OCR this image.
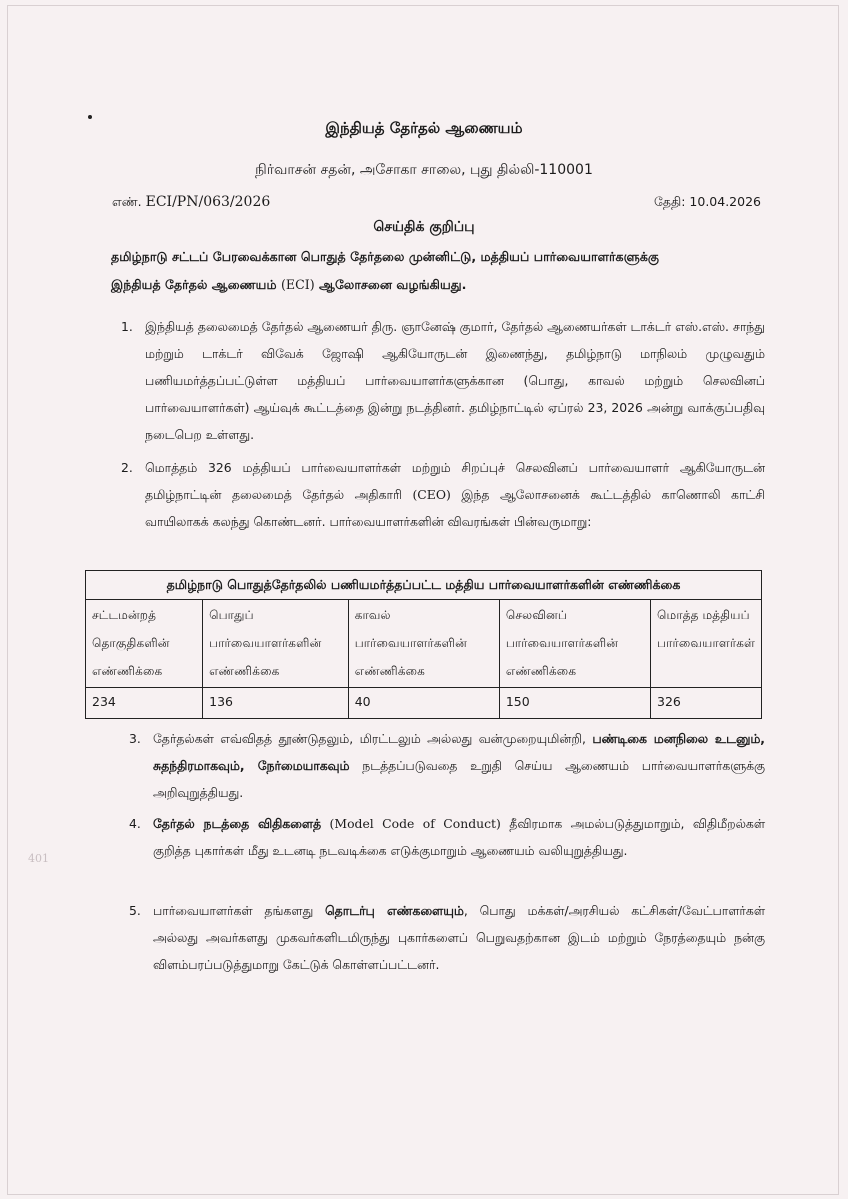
இந்தியத் தேர்தல் ஆணையம்
நிர்வாசன் சதன், அசோகா சாலை, புது தில்லி-110001
எண். ECI/PN/063/2026	தேதி: 10.04.2026
செய்திக் குறிப்பு
தமிழ்நாடு சட்டப் பேரவைக்கான பொதுத் தேர்தலை முன்னிட்டு, மத்தியப் பார்வையாளர்களுக்கு
இந்தியத் தேர்தல் ஆணையம் (ECI) ஆலோசனை வழங்கியது.
1. இந்தியத் தலைமைத் தேர்தல் ஆணையர் திரு. ஞானேஷ் குமார், தேர்தல் ஆணையர்கள் டாக்டர் எஸ்.எஸ். சாந்து மற்றும் டாக்டர் விவேக் ஜோஷி ஆகியோருடன் இணைந்து, தமிழ்நாடு மாநிலம் முழுவதும் பணியமர்த்தப்பட்டுள்ள மத்தியப் பார்வையாளர்களுக்கான (பொது, காவல் மற்றும் செலவினப் பார்வையாளர்கள்) ஆய்வுக் கூட்டத்தை இன்று நடத்தினர். தமிழ்நாட்டில் ஏப்ரல் 23, 2026 அன்று வாக்குப்பதிவு நடைபெற உள்ளது.
2. மொத்தம் 326 மத்தியப் பார்வையாளர்கள் மற்றும் சிறப்புச் செலவினப் பார்வையாளர் ஆகியோருடன் தமிழ்நாட்டின் தலைமைத் தேர்தல் அதிகாரி (CEO) இந்த ஆலோசனைக் கூட்டத்தில் காணொலி காட்சி வாயிலாகக் கலந்து கொண்டனர். பார்வையாளர்களின் விவரங்கள் பின்வருமாறு:
தமிழ்நாடு பொதுத்தேர்தலில் பணியமர்த்தப்பட்ட மத்திய பார்வையாளர்களின் எண்ணிக்கை				
சட்டமன்றத் தொகுதிகளின் எண்ணிக்கை	பொதுப் பார்வையாளர்களின் எண்ணிக்கை	காவல் பார்வையாளர்களின் எண்ணிக்கை	செலவினப் பார்வையாளர்களின் எண்ணிக்கை	மொத்த மத்தியப் பார்வையாளர்கள்
234	136	40	150	326
3. தேர்தல்கள் எவ்விதத் தூண்டுதலும், மிரட்டலும் அல்லது வன்முறையுமின்றி, பண்டிகை மனநிலை உடனும், சுதந்திரமாகவும், நேர்மையாகவும் நடத்தப்படுவதை உறுதி செய்ய ஆணையம் பார்வையாளர்களுக்கு அறிவுறுத்தியது.
4. தேர்தல் நடத்தை விதிகளைத் (Model Code of Conduct) தீவிரமாக அமல்படுத்துமாறும், விதிமீறல்கள் குறித்த புகார்கள் மீது உடனடி நடவடிக்கை எடுக்குமாறும் ஆணையம் வலியுறுத்தியது.
5. பார்வையாளர்கள் தங்களது தொடர்பு எண்களையும், பொது மக்கள்/அரசியல் கட்சிகள்/வேட்பாளர்கள் அல்லது அவர்களது முகவர்களிடமிருந்து புகார்களைப் பெறுவதற்கான இடம் மற்றும் நேரத்தையும் நன்கு விளம்பரப்படுத்துமாறு கேட்டுக் கொள்ளப்பட்டனர்.
401
